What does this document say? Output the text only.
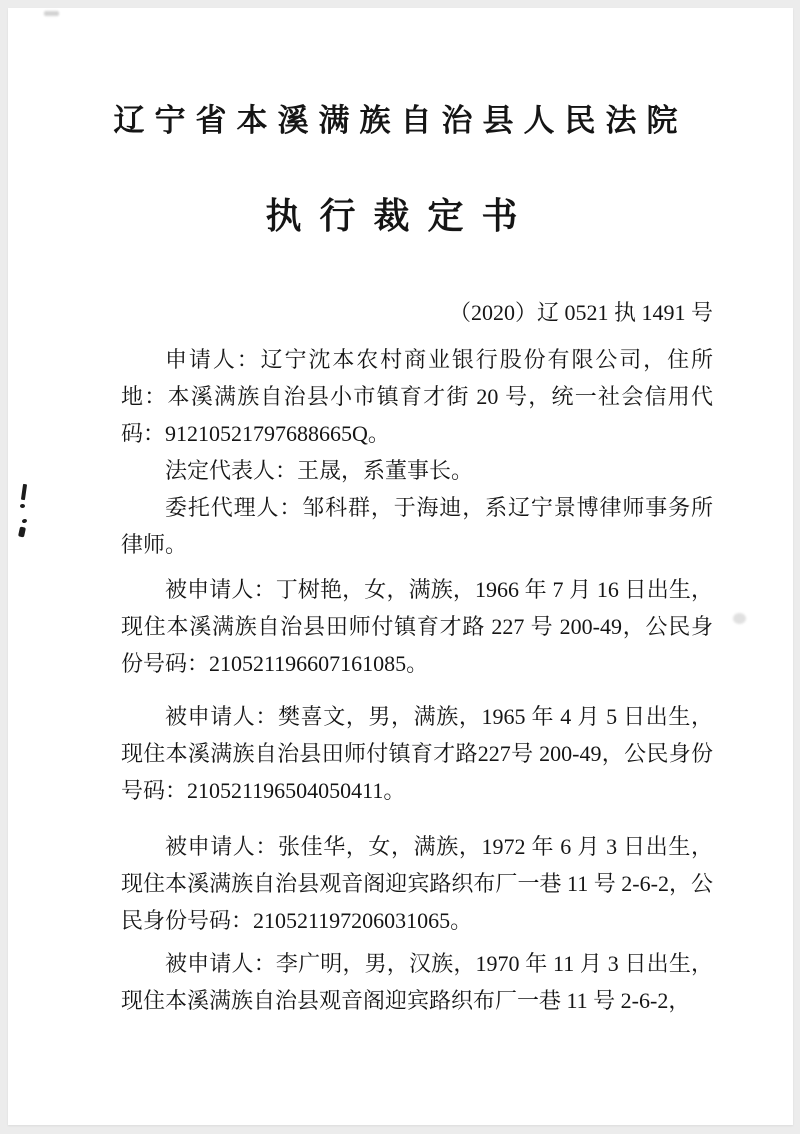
辽宁省本溪满族自治县人民法院
执行裁定书
（2020）辽 0521 执 1491 号

申请人：辽宁沈本农村商业银行股份有限公司，住所地：本溪满族自治县小市镇育才街 20 号，统一社会信用代码：91210521797688665Q。

法定代表人：王晟，系董事长。

委托代理人：邹科群，于海迪，系辽宁景博律师事务所律师。

被申请人：丁树艳，女，满族，1966 年 7 月 16 日出生，现住本溪满族自治县田师付镇育才路 227 号 200-49，公民身份号码：210521196607161085。

被申请人：樊喜文，男，满族，1965 年 4 月 5 日出生，现住本溪满族自治县田师付镇育才路227号 200-49，公民身份号码：210521196504050411。

被申请人：张佳华，女，满族，1972 年 6 月 3 日出生，现住本溪满族自治县观音阁迎宾路织布厂一巷 11 号 2-6-2，公民身份号码：210521197206031065。

被申请人：李广明，男，汉族，1970 年 11 月 3 日出生，现住本溪满族自治县观音阁迎宾路织布厂一巷 11 号 2-6-2，
